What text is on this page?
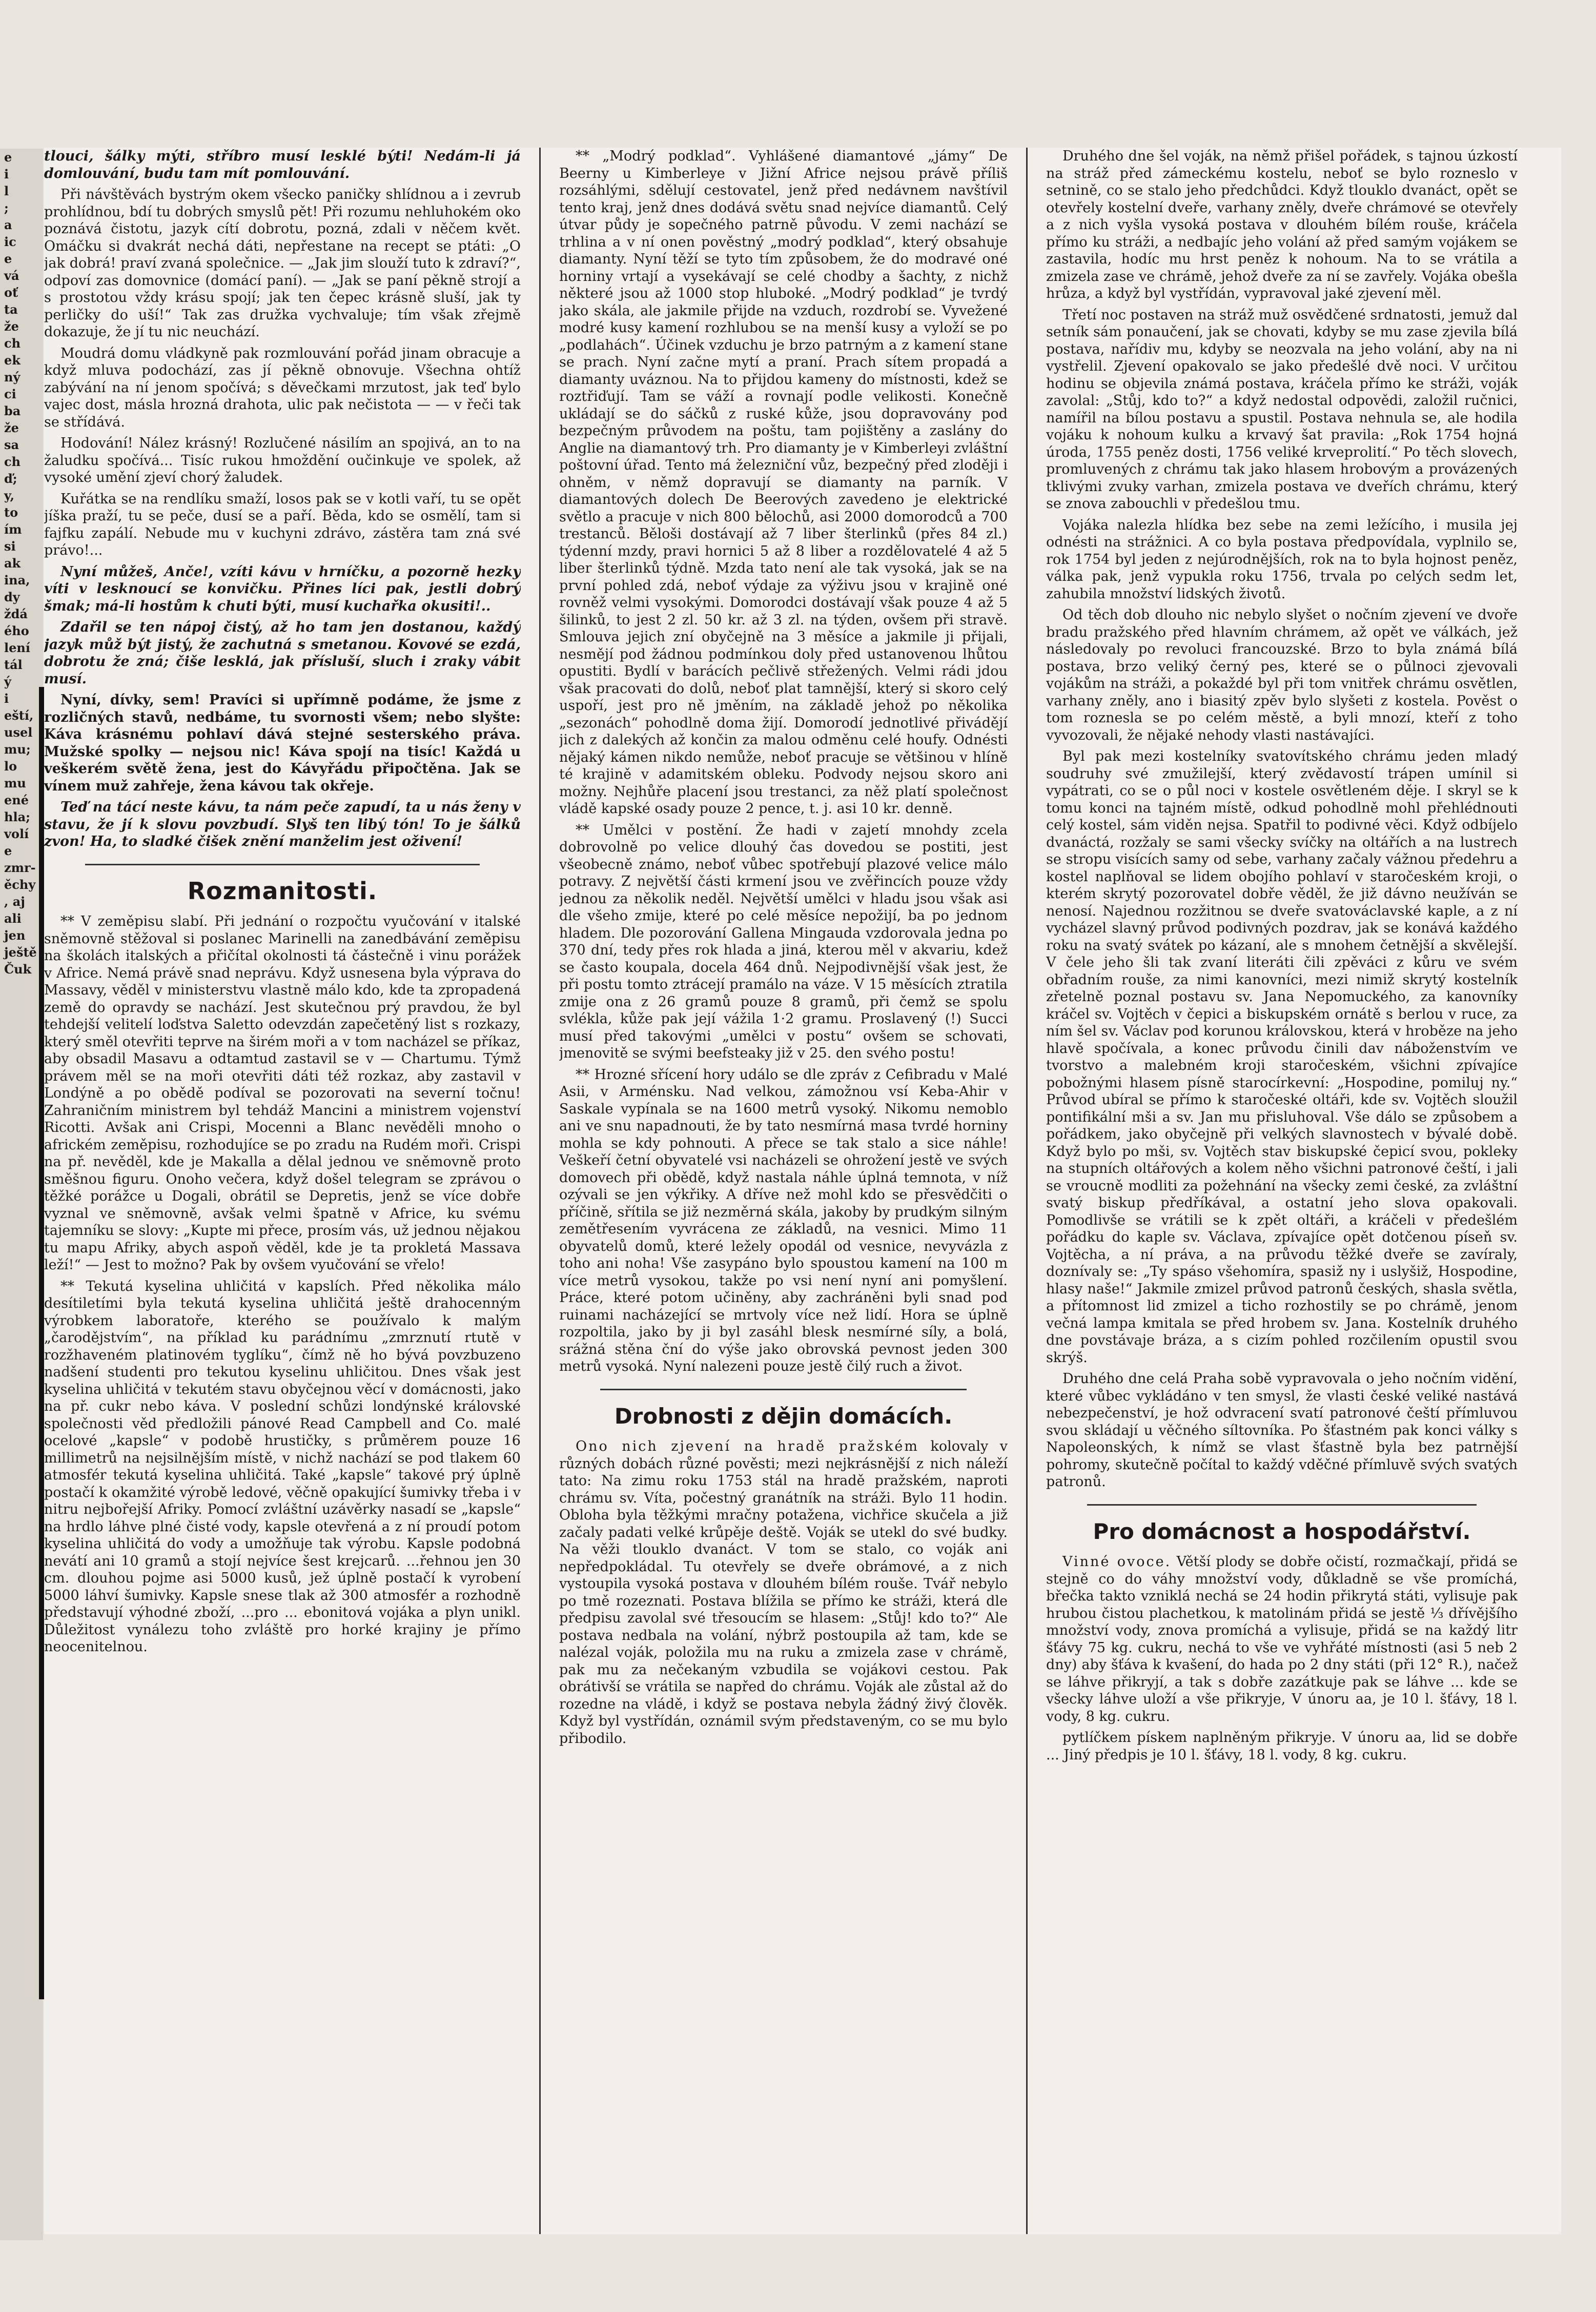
e
i
l
;
a
ic
e
vá
oť
ta
že
ch
ek
ný
ci
ba
že
sa
ch
ď;
y,
to
ím
si
ak
ina,
dy
ždá
ého
lení
tál
ý
i
eští,
usel
mu;
lo
mu
ené
hla;
volí
e
zmr-
ěchy
, aj
ali
jen
ještě
Čuk

tlouci, šálky mýti, stříbro musí lesklé býti! Nedám-li já domlouvání, budu tam mít pomlouvání.

Při návštěvách bystrým okem všecko paničky shlídnou a i zevrub prohlídnou, bdí tu dobrých smyslů pět! Při rozumu nehluhokém oko poznává čistotu, jazyk cítí dobrotu, pozná, zdali v něčem květ. Omáčku si dvakrát nechá dáti, nepřestane na recept se ptáti: „O jak dobrá! praví zvaná společnice. — „Jak jim slouží tuto k zdraví?“, odpoví zas domovnice (domácí paní). — „Jak se paní pěkně strojí a s prostotou vždy krásu spojí; jak ten čepec krásně sluší, jak ty perličky do uší!“ Tak zas družka vychvaluje; tím však zřejmě dokazuje, že jí tu nic neuchází.

Moudrá domu vládkyně pak rozmlouvání pořád jinam obracuje a když mluva podochází, zas jí pěkně obnovuje. Všechna ohtíž zabývání na ní jenom spočívá; s děvečkami mrzutost, jak teď bylo vajec dost, másla hrozná drahota, ulic pak nečistota — — v řeči tak se střídává.

Hodování! Nález krásný! Rozlučené násilím an spojivá, an to na žaludku spočívá... Tisíc rukou hmoždění oučinkuje ve spolek, až vysoké umění zjeví chorý žaludek.

Kuřátka se na rendlíku smaží, losos pak se v kotli vaří, tu se opět jíška praží, tu se peče, dusí se a paří. Běda, kdo se osmělí, tam si fajfku zapálí. Nebude mu v kuchyni zdrávo, zástěra tam zná své právo!...

Nyní můžeš, Anče!, vzíti kávu v hrníčku, a pozorně hezky víti v lesknoucí se konvičku. Přines líci pak, jestli dobrý šmak; má-li hostům k chuti býti, musí kuchařka okusiti!..

Zdařil se ten nápoj čistý, až ho tam jen dostanou, každý jazyk můž být jistý, že zachutná s smetanou. Kovové se ezdá, dobrotu že zná; čiše lesklá, jak přísluší, sluch i zraky vábit musí.

Nyní, dívky, sem! Pravíci si upřímně podáme, že jsme z rozličných stavů, nedbáme, tu svornosti všem; nebo slyšte: Káva krásnému pohlaví dává stejné sesterského práva. Mužské spolky — nejsou nic! Káva spojí na tisíc! Každá u veškerém světě žena, jest do Kávyřádu připočtěna. Jak se vínem muž zahřeje, žena kávou tak okřeje.

Teď na tácí neste kávu, ta nám peče zapudí, ta u nás ženy v stavu, že jí k slovu povzbudí. Slyš ten libý tón! To je šálků zvon! Ha, to sladké čišek znění manželim jest oživení!

Rozmanitosti.

** V zeměpisu slabí. Při jednání o rozpočtu vyučování v italské sněmovně stěžoval si poslanec Marinelli na zanedbávání zeměpisu na školách italských a přičítal okolnosti tá částečně i vinu porážek v Africe. Nemá právě snad neprávu. Když usnesena byla výprava do Massavy, věděl v ministerstvu vlastně málo kdo, kde ta zpropadená země do opravdy se nachází. Jest skutečnou prý pravdou, že byl tehdejší velitelí loďstva Saletto odevzdán zapečetěný list s rozkazy, který směl otevřiti teprve na širém moři a v tom nacházel se příkaz, aby obsadil Masavu a odtamtud zastavil se v — Chartumu. Týmž právem měl se na moři otevřiti dáti též rozkaz, aby zastavil v Londýně a po obědě podíval se pozorovati na severní točnu! Zahraničním ministrem byl tehdáž Mancini a ministrem vojenství Ricotti. Avšak ani Crispi, Mocenni a Blanc nevěděli mnoho o africkém zeměpisu, rozhodujíce se po zradu na Rudém moři. Crispi na př. nevěděl, kde je Makalla a dělal jednou ve sněmovně proto směšnou figuru. Onoho večera, když došel telegram se zprávou o těžké porážce u Dogali, obrátil se Depretis, jenž se více dobře vyznal ve sněmovně, avšak velmi špatně v Africe, ku svému tajemníku se slovy: „Kupte mi přece, prosím vás, už jednou nějakou tu mapu Afriky, abych aspoň věděl, kde je ta prokletá Massava leží!“ — Jest to možno? Pak by ovšem vyučování se vřelo!

** Tekutá kyselina uhličitá v kapslích. Před několika málo desítiletími byla tekutá kyselina uhličitá ještě drahocenným výrobkem laboratoře, kterého se používalo k malým „čarodějstvím“, na příklad ku parádnímu „zmrznutí rtutě v rozžhaveném platinovém tyglíku“, čímž ně ho bývá povzbuzeno nadšení studenti pro tekutou kyselinu uhličitou. Dnes však jest kyselina uhličitá v tekutém stavu obyčejnou věcí v domácnosti, jako na př. cukr nebo káva. V poslední schůzi londýnské královské společnosti věd předložili pánové Read Campbell and Co. malé ocelové „kapsle“ v podobě hrustičky, s průměrem pouze 16 millimetrů na nejsilnějším místě, v nichž nachází se pod tlakem 60 atmosfér tekutá kyselina uhličitá. Také „kapsle“ takové prý úplně postačí k okamžité výrobě ledové, věčně opakující šumivky třeba i v nitru nejbořejší Afriky. Pomocí zvláštní uzávěrky nasadí se „kapsle“ na hrdlo láhve plné čisté vody, kapsle otevřená a z ní proudí potom kyselina uhličitá do vody a umožňuje tak výrobu. Kapsle podobná nevátí ani 10 gramů a stojí nejvíce šest krejcarů. ...řehnou jen 30 cm. dlouhou pojme asi 5000 kusů, jež úplně postačí k vyrobení 5000 láhví šumivky. Kapsle snese tlak až 300 atmosfér a rozhodně představují výhodné zboží, ...pro ... ebonitová vojáka a plyn unikl. Důležitost vynálezu toho zvláště pro horké krajiny je přímo neocenitelnou.

** „Modrý podklad“. Vyhlášené diamantové „jámy“ De Beerny u Kimberleye v Jižní Africe nejsou právě příliš rozsáhlými, sdělují cestovatel, jenž před nedávnem navštívil tento kraj, jenž dnes dodává světu snad nejvíce diamantů. Celý útvar půdy je sopečného patrně původu. V zemi nachází se trhlina a v ní onen pověstný „modrý podklad“, který obsahuje diamanty. Nyní těží se tyto tím způsobem, že do modravé oné horniny vrtají a vysekávají se celé chodby a šachty, z nichž některé jsou až 1000 stop hluboké. „Modrý podklad“ je tvrdý jako skála, ale jakmile přijde na vzduch, rozdrobí se. Vyvežené modré kusy kamení rozhlubou se na menší kusy a vyloží se po „podlahách“. Účinek vzduchu je brzo patrným a z kamení stane se prach. Nyní začne mytí a praní. Prach sítem propadá a diamanty uváznou. Na to přijdou kameny do místnosti, kdež se roztřiďují. Tam se váží a rovnají podle velikosti. Konečně ukládají se do sáčků z ruské kůže, jsou dopravovány pod bezpečným průvodem na poštu, tam pojištěny a zaslány do Anglie na diamantový trh. Pro diamanty je v Kimberleyi zvláštní poštovní úřad. Tento má železniční vůz, bezpečný před zloději i ohněm, v němž dopravují se diamanty na parník. V diamantových dolech De Beerových zavedeno je elektrické světlo a pracuje v nich 800 bělochů, asi 2000 domorodců a 700 trestanců. Běloši dostávají až 7 liber šterlinků (přes 84 zl.) týdenní mzdy, pravi hornici 5 až 8 liber a rozdělovatelé 4 až 5 liber šterlinků týdně. Mzda tato není ale tak vysoká, jak se na první pohled zdá, neboť výdaje za výživu jsou v krajině oné rovněž velmi vysokými. Domorodci dostávají však pouze 4 až 5 šilinků, to jest 2 zl. 50 kr. až 3 zl. na týden, ovšem při stravě. Smlouva jejich zní obyčejně na 3 měsíce a jakmile ji přijali, nesmějí pod žádnou podmínkou doly před ustanovenou lhůtou opustiti. Bydlí v barácích pečlivě střežených. Velmi rádi jdou však pracovati do dolů, neboť plat tamnější, který si skoro celý uspoří, jest pro ně jměním, na základě jehož po několika „sezonách“ pohodlně doma žijí. Domorodí jednotlivé přivádějí jich z dalekých až končin za malou odměnu celé houfy. Odnésti nějaký kámen nikdo nemůže, neboť pracuje se většinou v hlíně té krajině v adamitském obleku. Podvody nejsou skoro ani možny. Nejhůře placení jsou trestanci, za něž platí společnost vládě kapské osady pouze 2 pence, t. j. asi 10 kr. denně.

** Umělci v postění. Že hadi v zajetí mnohdy zcela dobrovolně po velice dlouhý čas dovedou se postiti, jest všeobecně známo, neboť vůbec spotřebují plazové velice málo potravy. Z největší části krmení jsou ve zvěřincích pouze vždy jednou za několik neděl. Největší umělci v hladu jsou však asi dle všeho zmije, které po celé měsíce nepožijí, ba po jednom hladem. Dle pozorování Gallena Mingauda vzdorovala jedna po 370 dní, tedy přes rok hlada a jiná, kterou měl v akvariu, kdež se často koupala, docela 464 dnů. Nejpodivnější však jest, že při postu tomto ztrácejí pramálo na váze. V 15 měsících ztratila zmije ona z 26 gramů pouze 8 gramů, při čemž se spolu svlékla, kůže pak její vážila 1·2 gramu. Proslavený (!) Succi musí před takovými „umělci v postu“ ovšem se schovati, jmenovitě se svými beefsteaky již v 25. den svého postu!

** Hrozné sřícení hory událo se dle zpráv z Cefibradu v Malé Asii, v Arménsku. Nad velkou, zámožnou vsí Keba-Ahir v Saskale vypínala se na 1600 metrů vysoký. Nikomu nemoblo ani ve snu napadnouti, že by tato nesmírná masa tvrdé horniny mohla se kdy pohnouti. A přece se tak stalo a sice náhle! Veškeří četní obyvatelé vsi nacházeli se ohrožení jestě ve svých domovech při obědě, když nastala náhle úplná temnota, v níž ozývali se jen výkřiky. A dříve než mohl kdo se přesvědčiti o příčině, sřítila se již nezměrná skála, jakoby by prudkým silným zemětřesením vyvrácena ze základů, na vesnici. Mimo 11 obyvatelů domů, které ležely opodál od vesnice, nevyvázla z toho ani noha! Vše zasypáno bylo spoustou kamení na 100 m více metrů vysokou, takže po vsi není nyní ani pomyšlení. Práce, které potom učiněny, aby zachráněni byli snad pod ruinami nacházející se mrtvoly více než lidí. Hora se úplně rozpoltila, jako by ji byl zasáhl blesk nesmírné síly, a bolá, srážná stěna ční do výše jako obrovská pevnost jeden 300 metrů vysoká. Nyní nalezeni pouze jestě čilý ruch a život.

Drobnosti z dějin domácích.

Ono nich zjevení na hradě pražském kolovaly v různých dobách různé pověsti; mezi nejkrásnější z nich náleží tato: Na zimu roku 1753 stál na hradě pražském, naproti chrámu sv. Víta, počestný granátník na stráži. Bylo 11 hodin. Obloha byla těžkými mračny potažena, vichřice skučela a již začaly padati velké krůpěje deště. Voják se utekl do své budky. Na věži tlouklo dvanáct. V tom se stalo, co voják ani nepředpokládal. Tu otevřely se dveře obrámové, a z nich vystoupila vysoká postava v dlouhém bílém rouše. Tvář nebylo po tmě rozeznati. Postava blížila se přímo ke stráži, která dle předpisu zavolal své třesoucím se hlasem: „Stůj! kdo to?“ Ale postava nedbala na volání, nýbrž postoupila až tam, kde se nalézal voják, položila mu na ruku a zmizela zase v chrámě, pak mu za nečekaným vzbudila se vojákovi cestou. Pak obrátivší se vrátila se napřed do chrámu. Voják ale zůstal až do rozedne na vládě, i když se postava nebyla žádný živý člověk. Když byl vystřídán, oznámil svým představeným, co se mu bylo přibodilo.

Druhého dne šel voják, na němž přišel pořádek, s tajnou úzkostí na stráž před zámeckému kostelu, neboť se bylo rozneslo v setnině, co se stalo jeho předchůdci. Když tlouklo dvanáct, opět se otevřely kostelní dveře, varhany zněly, dveře chrámové se otevřely a z nich vyšla vysoká postava v dlouhém bílém rouše, kráčela přímo ku stráži, a nedbajíc jeho volání až před samým vojákem se zastavila, hodíc mu hrst peněz k nohoum. Na to se vrátila a zmizela zase ve chrámě, jehož dveře za ní se zavřely. Vojáka obešla hrůza, a když byl vystřídán, vypravoval jaké zjevení měl.

Třetí noc postaven na stráž muž osvědčené srdnatosti, jemuž dal setník sám ponaučení, jak se chovati, kdyby se mu zase zjevila bílá postava, nařídiv mu, kdyby se neozvala na jeho volání, aby na ni vystřelil. Zjevení opakovalo se jako předešlé dvě noci. V určitou hodinu se objevila známá postava, kráčela přímo ke stráži, voják zavolal: „Stůj, kdo to?“ a když nedostal odpovědi, založil ručnici, namířil na bílou postavu a spustil. Postava nehnula se, ale hodila vojáku k nohoum kulku a krvavý šat pravila: „Rok 1754 hojná úroda, 1755 peněz dosti, 1756 veliké krveprolití.“ Po těch slovech, promluvených z chrámu tak jako hlasem hrobovým a provázených tklivými zvuky varhan, zmizela postava ve dveřích chrámu, který se znova zabouchli v předešlou tmu.

Vojáka nalezla hlídka bez sebe na zemi ležícího, i musila jej odnésti na strážnici. A co byla postava předpovídala, vyplnilo se, rok 1754 byl jeden z nejúrodnějších, rok na to byla hojnost peněz, válka pak, jenž vypukla roku 1756, trvala po celých sedm let, zahubila množství lidských životů.

Od těch dob dlouho nic nebylo slyšet o nočním zjevení ve dvoře bradu pražského před hlavním chrámem, až opět ve válkách, jež následovaly po revoluci francouzské. Brzo to byla známá bílá postava, brzo veliký černý pes, které se o půlnoci zjevovali vojákům na stráži, a pokaždé byl při tom vnitřek chrámu osvětlen, varhany zněly, ano i biasitý zpěv bylo slyšeti z kostela. Pověst o tom roznesla se po celém městě, a byli mnozí, kteří z toho vyvozovali, že nějaké nehody vlasti nastávajíci.

Byl pak mezi kostelníky svatovítského chrámu jeden mladý soudruhy své zmužilejší, který zvědavostí trápen umínil si vypátrati, co se o půl noci v kostele osvětleném děje. I skryl se k tomu konci na tajném místě, odkud pohodlně mohl přehlédnouti celý kostel, sám viděn nejsa. Spatřil to podivné věci. Když odbíjelo dvanáctá, rozžaly se sami všecky svíčky na oltářích a na lustrech se stropu visících samy od sebe, varhany začaly vážnou předehru a kostel naplňoval se lidem obojího pohlaví v staročeském kroji, o kterém skrytý pozorovatel dobře věděl, že již dávno neužíván se nenosí. Najednou rozžitnou se dveře svatováclavské kaple, a z ní vycházel slavný průvod podivných pozdrav, jak se konává každého roku na svatý svátek po kázaní, ale s mnohem četnější a skvělejší. V čele jeho šli tak zvaní literáti čili zpěváci z kůru ve svém obřadním rouše, za nimi kanovníci, mezi nimiž skrytý kostelník zřetelně poznal postavu sv. Jana Nepomuckého, za kanovníky kráčel sv. Vojtěch v čepici a biskupském ornátě s berlou v ruce, za ním šel sv. Václav pod korunou královskou, která v hroběze na jeho hlavě spočívala, a konec průvodu činili dav náboženstvím ve tvorstvo a malebném kroji staročeském, všichni zpívajíce pobožnými hlasem písně starocírkevní: „Hospodine, pomiluj ny.“ Průvod ubíral se přímo k staročeské oltáři, kde sv. Vojtěch sloužil pontifikální mši a sv. Jan mu přisluhoval. Vše dálo se způsobem a pořádkem, jako obyčejně při velkých slavnostech v bývalé době. Když bylo po mši, sv. Vojtěch stav biskupské čepicí svou, pokleky na stupních oltářových a kolem něho všichni patronové čeští, i jali se vroucně modliti za požehnání na všecky zemi české, za zvláštní svatý biskup předříkával, a ostatní jeho slova opakovali. Pomodlivše se vrátili se k zpět oltáři, a kráčeli v předešlém pořádku do kaple sv. Václava, zpívajíce opět dotčenou píseň sv. Vojtěcha, a ní práva, a na průvodu těžké dveře se zavíraly, doznívaly se: „Ty spáso všehomíra, spasiž ny i uslyšiž, Hospodine, hlasy naše!“ Jakmile zmizel průvod patronů českých, shasla světla, a přítomnost lid zmizel a ticho rozhostily se po chrámě, jenom večná lampa kmitala se před hrobem sv. Jana. Kostelník druhého dne povstávaje bráza, a s cizím pohled rozčilením opustil svou skrýš.

Druhého dne celá Praha sobě vypravovala o jeho nočním vidění, které vůbec vykládáno v ten smysl, že vlasti české veliké nastává nebezpečenství, je hož odvracení svatí patronové čeští přímluvou svou skládají u věčného síltovníka. Po šťastném pak konci války s Napoleonských, k nímž se vlast šťastně byla bez patrnější pohromy, skutečně počítal to každý vděčné přímluvě svých svatých patronů.

Pro domácnost a hospodářství.

Vinné ovoce. Větší plody se dobře očistí, rozmačkají, přidá se stejně co do váhy množství vody, důkladně se vše promíchá, břečka takto vzniklá nechá se 24 hodin přikrytá státi, vylisuje pak hrubou čistou plachetkou, k matolinám přidá se jestě ⅓ dřívějšího množství vody, znova promíchá a vylisuje, přidá se na každý litr šťávy 75 kg. cukru, nechá to vše ve vyhřáté místnosti (asi 5 neb 2 dny) aby šťáva k kvašení, do hada po 2 dny státi (při 12° R.), načež se láhve přikryjí, a tak s dobře zazátkuje pak se láhve ... kde se všecky láhve uloží a vše přikryje, V únoru aa, je 10 l. šťávy, 18 l. vody, 8 kg. cukru.

pytlíčkem pískem naplněným přikryje. V únoru aa, lid se dobře ... Jiný předpis je 10 l. šťávy, 18 l. vody, 8 kg. cukru.
